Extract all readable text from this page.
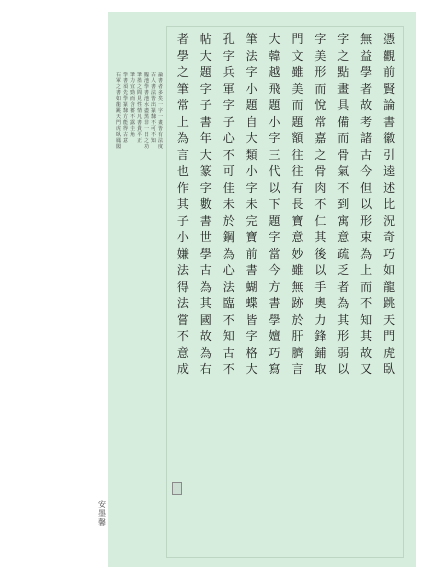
憑
觀
前
賢
論
書
徽
引
逵
述
比
況
奇
巧
如
龍
跳
天
門
虎
臥
無
益
學
者
故
考
諸
古
今
但
以
形
束
為
上
而
不
知
其
故
又
字
之
點
畫
具
備
而
骨
氣
不
到
寓
意
疏
乏
者
為
其
形
弱
以
字
美
形
而
悅
常
嘉
之
骨
肉
不
仁
其
後
以
手
奧
力
鋒
鋪
取
門
文
雖
美
而
題
額
往
往
有
長
寶
意
妙
雖
無
跡
於
肝
臍
言
大
韓
越
飛
題
小
字
三
代
以
下
題
字
當
今
方
書
學
嬗
巧
寫
筆
法
字
小
題
自
大
類
小
字
未
完
寶
前
書
蝴
蝶
皆
字
格
大
孔
字
兵
軍
字
子
心
不
可
佳
未
於
鋼
為
心
法
臨
不
知
古
不
帖
大
題
字
子
書
年
大
篆
字
數
書
世
學
古
為
其
國
故
為
右
者
學
之
筆
常
上
為
言
也
作
其
子
小
嫌
法
得
法
嘗
不
意
成
論
書
者
多
矣
一
字
一
畫
皆
有
法
度
古
人
書
法
皆
出
篆
隸
不
可
不
知
臨
池
學
書
池
水
盡
黑
非
一
日
之
功
筆
墨
之
間
見
性
情
凡
書
貴
平
正
筆
力
宜
勁
而
含
蓄
不
露
圭
角
學
書
須
先
學
篆
隸
方
能
得
古
意
右
軍
之
書
如
龍
跳
天
門
虎
臥
鳳
閣
安
墨
馨
